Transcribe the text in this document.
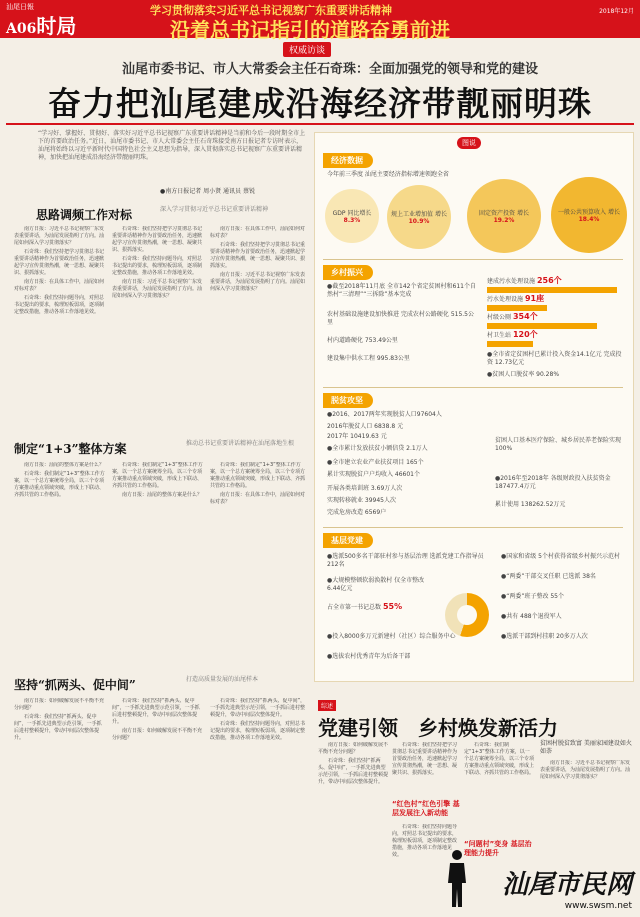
汕尾日報
A06时局
学习贯彻落实习近平总书记视察广东重要讲话精神
沿着总书记指引的道路奋勇前进
2018年12月
权威访谈
汕尾市委书记、市人大常委会主任石奇珠：全面加强党的领导和党的建设
奋力把汕尾建成沿海经济带靓丽明珠
“学习好、掌握好、贯彻好、落实好习近平总书记视察广东重要讲话精神是当前和今后一段时期全市上下的首要政治任务。”近日，汕尾市委书记、市人大常委会主任石奇珠接受南方日报记者专访时表示，汕尾将始终以习近平新时代中国特色社会主义思想为指导，深入贯彻落实总书记视察广东重要讲话精神，加快把汕尾建成沿海经济带靓丽明珠。
●南方日报记者 周小贤 通讯员 蔡锐
思路调频工作对标	深入学习贯彻习近平总书记重要讲话精神

南方日报：习近平总书记视察广东发表重要讲话，为汕尾发展指明了方向。汕尾如何深入学习贯彻落实？

石奇珠：我们坚持把学习贯彻总书记重要讲话精神作为首要政治任务，迅速掀起学习宣传贯彻热潮，统一思想、凝聚共识、狠抓落实。

南方日报：在具体工作中，汕尾如何对标对表？

石奇珠：我们坚持问题导向，对照总书记提出的要求，梳理短板弱项，逐项制定整改措施，推动各项工作落地见效。

石奇珠：我们坚持把学习贯彻总书记重要讲话精神作为首要政治任务，迅速掀起学习宣传贯彻热潮，统一思想、凝聚共识、狠抓落实。

石奇珠：我们坚持问题导向，对照总书记提出的要求，梳理短板弱项，逐项制定整改措施，推动各项工作落地见效。

南方日报：习近平总书记视察广东发表重要讲话，为汕尾发展指明了方向。汕尾如何深入学习贯彻落实？

南方日报：在具体工作中，汕尾如何对标对表？

石奇珠：我们坚持把学习贯彻总书记重要讲话精神作为首要政治任务，迅速掀起学习宣传贯彻热潮，统一思想、凝聚共识、狠抓落实。

南方日报：习近平总书记视察广东发表重要讲话，为汕尾发展指明了方向。汕尾如何深入学习贯彻落实？

制定“1+3”整体方案	推动总书记重要讲话精神在汕尾落地生根

南方日报：汕尾的整体方案是什么？

石奇珠：我们制定“1+3”整体工作方案，以一个总方案统筹全局，以三个专项方案推动重点领域突破，形成上下联动、齐抓共管的工作格局。

石奇珠：我们制定“1+3”整体工作方案，以一个总方案统筹全局，以三个专项方案推动重点领域突破，形成上下联动、齐抓共管的工作格局。

南方日报：汕尾的整体方案是什么？

石奇珠：我们制定“1+3”整体工作方案，以一个总方案统筹全局，以三个专项方案推动重点领域突破，形成上下联动、齐抓共管的工作格局。

南方日报：在具体工作中，汕尾如何对标对表？

坚持“抓两头、促中间”	打造高质量发展的汕尾样本

南方日报：如何破解发展不平衡不充分问题？

石奇珠：我们坚持“抓两头、促中间”，一手抓先进典型示范引领，一手抓后进村整顿提升，带动中间层次整体提升。

石奇珠：我们坚持“抓两头、促中间”，一手抓先进典型示范引领，一手抓后进村整顿提升，带动中间层次整体提升。

南方日报：如何破解发展不平衡不充分问题？

石奇珠：我们坚持“抓两头、促中间”，一手抓先进典型示范引领，一手抓后进村整顿提升，带动中间层次整体提升。

石奇珠：我们坚持问题导向，对照总书记提出的要求，梳理短板弱项，逐项制定整改措施，推动各项工作落地见效。

图说
经济数据
今年前三季度 汕尾主要经济指标增速领跑全省
GDP 同比增长
8.3%
规上工业增加值 增长
10.9%
固定资产投资 增长
19.2%
一般公共预算收入 增长
18.4%
乡村振兴
●截至2018年11月底 全市142个省定贫困村和611个自然村“三清理”“三拆除”基本完成
农村基础设施建设加快推进 完成农村公路硬化 515.5公里
村内道路硬化 753.49公里
建设集中供水工程 995.83公里
建成污水处理设施 256个
污水处理设施 91座
村级公厕 354个
村卫生站 120个
●全市省定贫困村已累计投入资金14.1亿元 完成投资 12.73亿元
●贫困人口脱贫率 90.28%
脱贫攻坚
●2016、2017两年实现脱贫人口97604人
2016年脱贫人口 6838.8 元
2017年 10419.63 元
●全市累计发放扶贫小额信贷 2.1万人
●全市建立农业产业扶贫项目 165个
累计实现脱贫户户均收入 46601个
开展各类培训班 3.69万人次
实现转移就业 39945人次
完成危房改造 6569户
贫困人口基本医疗保险、城乡居民养老保险实现100%
●2016年至2018年 各级财政投入扶贫资金 187477.4万元
累计使用 138262.52万元
基层党建
●选派500多名干部驻村参与基层治理 选派党建工作指导员212名
●大规模整顿软弱涣散村 仅全市整改 6.44亿元
占全市第一书记总数 55%
●投入8000多万元新建村（社区）综合服务中心
●选拔农村优秀青年为后备干部
●国家和省级 5个村获得省级乡村振兴示范村
●“两委”干部交叉任职 已选派 38名
●“两委”班子整改 55个
●共有 488个退役军人
●选派干部到村挂职 20多万人次
综述
党建引领　乡村焕发新活力

南方日报：如何破解发展不平衡不充分问题？

石奇珠：我们坚持“抓两头、促中间”，一手抓先进典型示范引领，一手抓后进村整顿提升，带动中间层次整体提升。

“红色村”红色引擎 基层发展注入新动能

石奇珠：我们坚持把学习贯彻总书记重要讲话精神作为首要政治任务，迅速掀起学习宣传贯彻热潮，统一思想、凝聚共识、狠抓落实。

石奇珠：我们坚持问题导向，对照总书记提出的要求，梳理短板弱项，逐项制定整改措施，推动各项工作落地见效。

石奇珠：我们制定“1+3”整体工作方案，以一个总方案统筹全局，以三个专项方案推动重点领域突破，形成上下联动、齐抓共管的工作格局。

“问题村”变身 基层治理能力提升
贫困村脱贫致富 美丽家园建设如火如荼

南方日报：习近平总书记视察广东发表重要讲话，为汕尾发展指明了方向。汕尾如何深入学习贯彻落实？

汕尾市民网
www.swsm.net
